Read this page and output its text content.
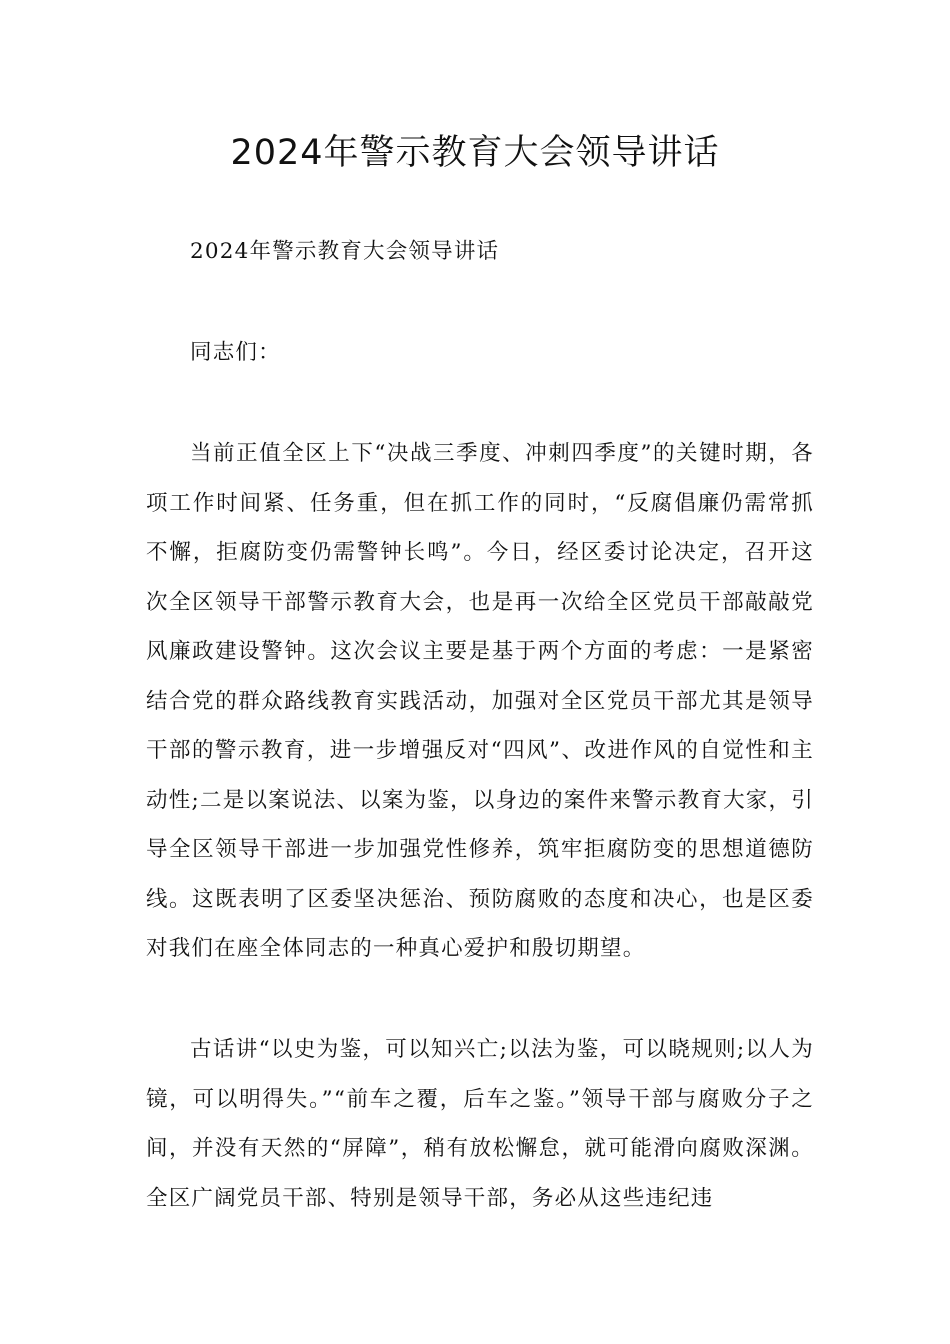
2024年警示教育大会领导讲话

2024年警示教育大会领导讲话

同志们：

当前正值全区上下“决战三季度、冲刺四季度”的关键时期，各项工作时间紧、任务重，但在抓工作的同时，“反腐倡廉仍需常抓不懈，拒腐防变仍需警钟长鸣”。今日，经区委讨论决定，召开这次全区领导干部警示教育大会，也是再一次给全区党员干部敲敲党风廉政建设警钟。这次会议主要是基于两个方面的考虑：一是紧密结合党的群众路线教育实践活动，加强对全区党员干部尤其是领导干部的警示教育，进一步增强反对“四风”、改进作风的自觉性和主动性;二是以案说法、以案为鉴，以身边的案件来警示教育大家，引导全区领导干部进一步加强党性修养，筑牢拒腐防变的思想道德防线。这既表明了区委坚决惩治、预防腐败的态度和决心，也是区委对我们在座全体同志的一种真心爱护和殷切期望。

古话讲“以史为鉴，可以知兴亡;以法为鉴，可以晓规则;以人为镜，可以明得失。”“前车之覆，后车之鉴。”领导干部与腐败分子之间，并没有天然的“屏障”，稍有放松懈怠，就可能滑向腐败深渊。全区广阔党员干部、特别是领导干部，务必从这些违纪违
